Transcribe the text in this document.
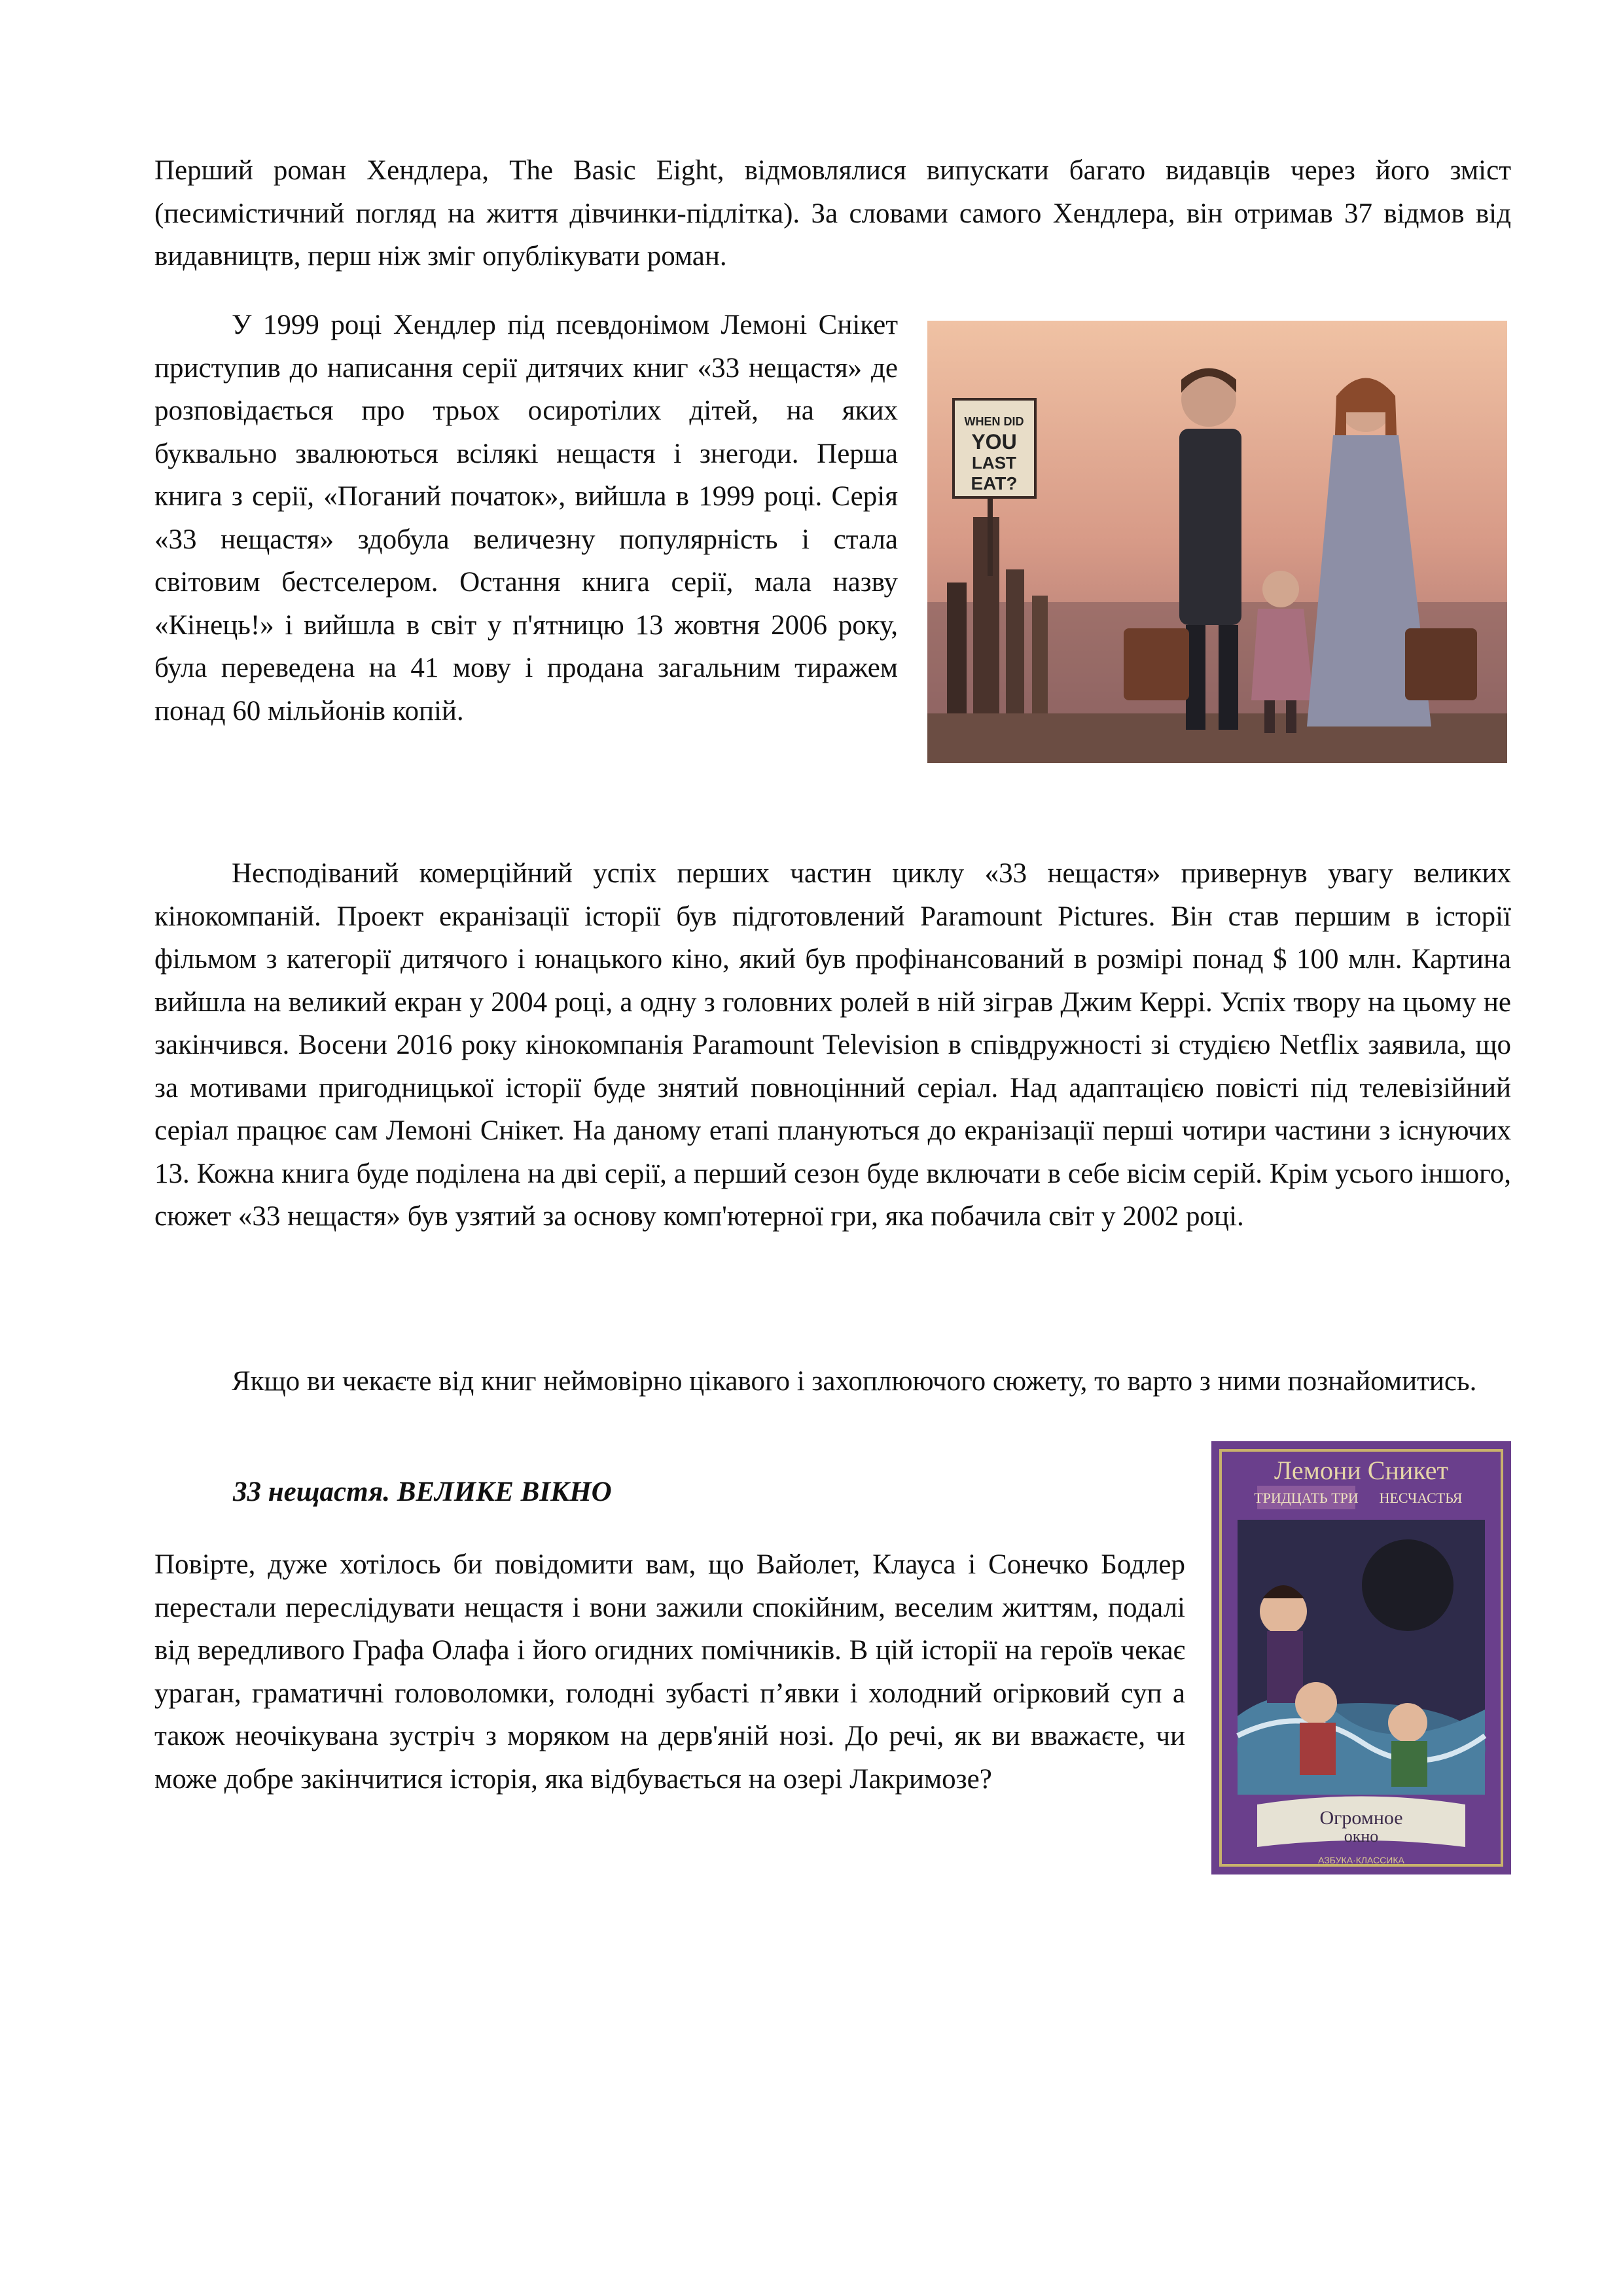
Перший роман Хендлера, The Basic Eight, відмовлялися випускати багато видавців через його зміст (песимістичний погляд на життя дівчинки-підлітка). За словами самого Хендлера, він отримав 37 відмов від видавництв, перш ніж зміг опублікувати роман.

У 1999 році Хендлер під псевдонімом Лемоні Снікет приступив до написання серії дитячих книг «33 нещастя» де розповідається про трьох осиротілих дітей, на яких буквально звалюються всілякі нещастя і знегоди. Перша книга з серії, «Поганий початок», вийшла в 1999 році. Серія «33 нещастя» здобула величезну популярність і стала світовим бестселером. Остання книга серії, мала назву «Кінець!» і вийшла в світ у п'ятницю 13 жовтня 2006 року, була переведена на 41 мову і продана загальним тиражем понад 60 мільйонів копій.

WHEN DID
YOU
LAST
EAT?

Несподіваний комерційний успіх перших частин циклу «33 нещастя» привернув увагу великих кінокомпаній. Проект екранізації історії був підготовлений Paramount Pictures. Він став першим в історії фільмом з категорії дитячого і юнацького кіно, який був профінансований в розмірі понад $ 100 млн. Картина вийшла на великий екран у 2004 році, а одну з головних ролей в ній зіграв Джим Керрі. Успіх твору на цьому не закінчився. Восени 2016 року кінокомпанія Paramount Television в співдружності зі студією Netflix заявила, що за мотивами пригодницької історії буде знятий повноцінний серіал. Над адаптацією повісті під телевізійний серіал працює сам Лемоні Снікет. На даному етапі плануються до екранізації перші чотири частини з існуючих 13. Кожна книга буде поділена на дві серії, а перший сезон буде включати в себе вісім серій. Крім усього іншого, сюжет «33 нещастя» був узятий за основу комп'ютерної гри, яка побачила світ у 2002 році.

Якщо ви чекаєте від книг неймовірно цікавого і захоплюючого сюжету, то варто з ними познайомитись.

33 нещастя. ВЕЛИКЕ ВІКНО

Повірте, дуже хотілось би повідомити вам, що Вайолет, Клауса і Сонечко Бодлер перестали переслідувати нещастя і вони зажили спокійним, веселим життям, подалі від вередливого Графа Олафа і його огидних помічників. В цій історії на героїв чекає ураган, граматичні головоломки, голодні зубасті п’явки і холодний огірковий суп а також неочікувана зустріч з моряком на дерв'яній нозі. До речі, як ви вважаєте, чи може добре закінчитися історія, яка відбувається на озері Лакримозе?

Лемони Сникет
ТРИДЦАТЬ ТРИ НЕСЧАСТЬЯ
Огромное
окно
АЗБУКА·КЛАССИКА
